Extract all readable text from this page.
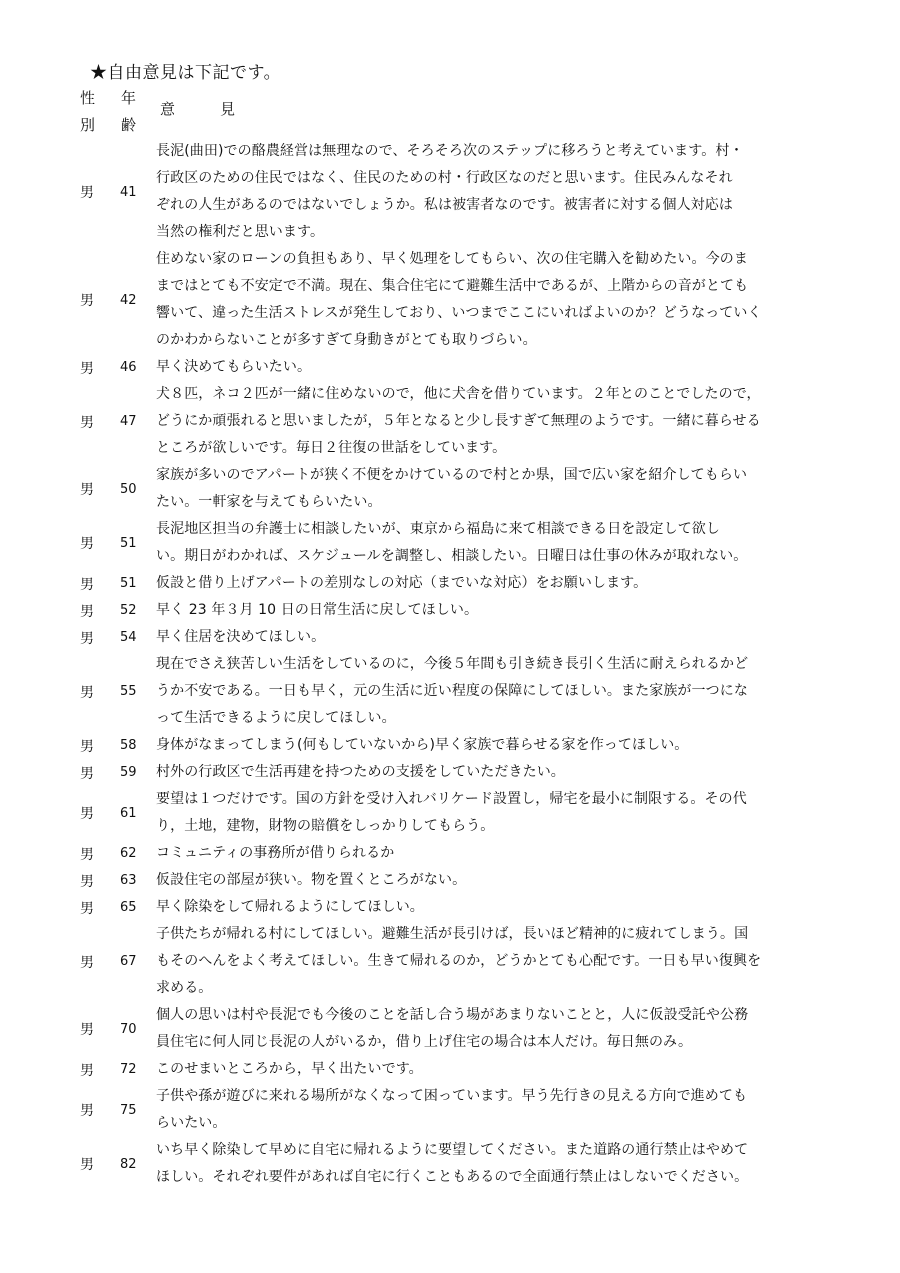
★自由意見は下記です。
性
別
年
齢
意　　　見
男	41
長泥(曲田)での酪農経営は無理なので、そろそろ次のステップに移ろうと考えています。村・
行政区のための住民ではなく、住民のための村・行政区なのだと思います。住民みんなそれ
ぞれの人生があるのではないでしょうか。私は被害者なのです。被害者に対する個人対応は
当然の権利だと思います。
男	42
住めない家のローンの負担もあり、早く処理をしてもらい、次の住宅購入を勧めたい。今のま
まではとても不安定で不満。現在、集合住宅にて避難生活中であるが、上階からの音がとても
響いて、違った生活ストレスが発生しており、いつまでここにいればよいのか？どうなっていく
のかわからないことが多すぎて身動きがとても取りづらい。
男	46	早く決めてもらいたい。
男	47
犬８匹，ネコ２匹が一緒に住めないので，他に犬舎を借りています。２年とのことでしたので，
どうにか頑張れると思いましたが，５年となると少し長すぎて無理のようです。一緒に暮らせる
ところが欲しいです。毎日２往復の世話をしています。
男	50
家族が多いのでアパートが狭く不便をかけているので村とか県，国で広い家を紹介してもらい
たい。一軒家を与えてもらいたい。
男	51
長泥地区担当の弁護士に相談したいが、東京から福島に来て相談できる日を設定して欲し
い。期日がわかれば、スケジュールを調整し、相談したい。日曜日は仕事の休みが取れない。
男	51	仮設と借り上げアパートの差別なしの対応（までいな対応）をお願いします。
男	52	早く 23 年３月 10 日の日常生活に戻してほしい。
男	54	早く住居を決めてほしい。
男	55
現在でさえ狭苦しい生活をしているのに，今後５年間も引き続き長引く生活に耐えられるかど
うか不安である。一日も早く，元の生活に近い程度の保障にしてほしい。また家族が一つにな
って生活できるように戻してほしい。
男	58	身体がなまってしまう(何もしていないから)早く家族で暮らせる家を作ってほしい。
男	59	村外の行政区で生活再建を持つための支援をしていただきたい。
男	61
要望は１つだけです。国の方針を受け入れバリケード設置し，帰宅を最小に制限する。その代
り，土地，建物，財物の賠償をしっかりしてもらう。
男	62	コミュニティの事務所が借りられるか
男	63	仮設住宅の部屋が狭い。物を置くところがない。
男	65	早く除染をして帰れるようにしてほしい。
男	67
子供たちが帰れる村にしてほしい。避難生活が長引けば，長いほど精神的に疲れてしまう。国
もそのへんをよく考えてほしい。生きて帰れるのか，どうかとても心配です。一日も早い復興を
求める。
男	70
個人の思いは村や長泥でも今後のことを話し合う場があまりないことと，人に仮設受託や公務
員住宅に何人同じ長泥の人がいるか，借り上げ住宅の場合は本人だけ。毎日無のみ。
男	72	このせまいところから，早く出たいです。
男	75
子供や孫が遊びに来れる場所がなくなって困っています。早う先行きの見える方向で進めても
らいたい。
男	82
いち早く除染して早めに自宅に帰れるように要望してください。また道路の通行禁止はやめて
ほしい。それぞれ要件があれば自宅に行くこともあるので全面通行禁止はしないでください。
